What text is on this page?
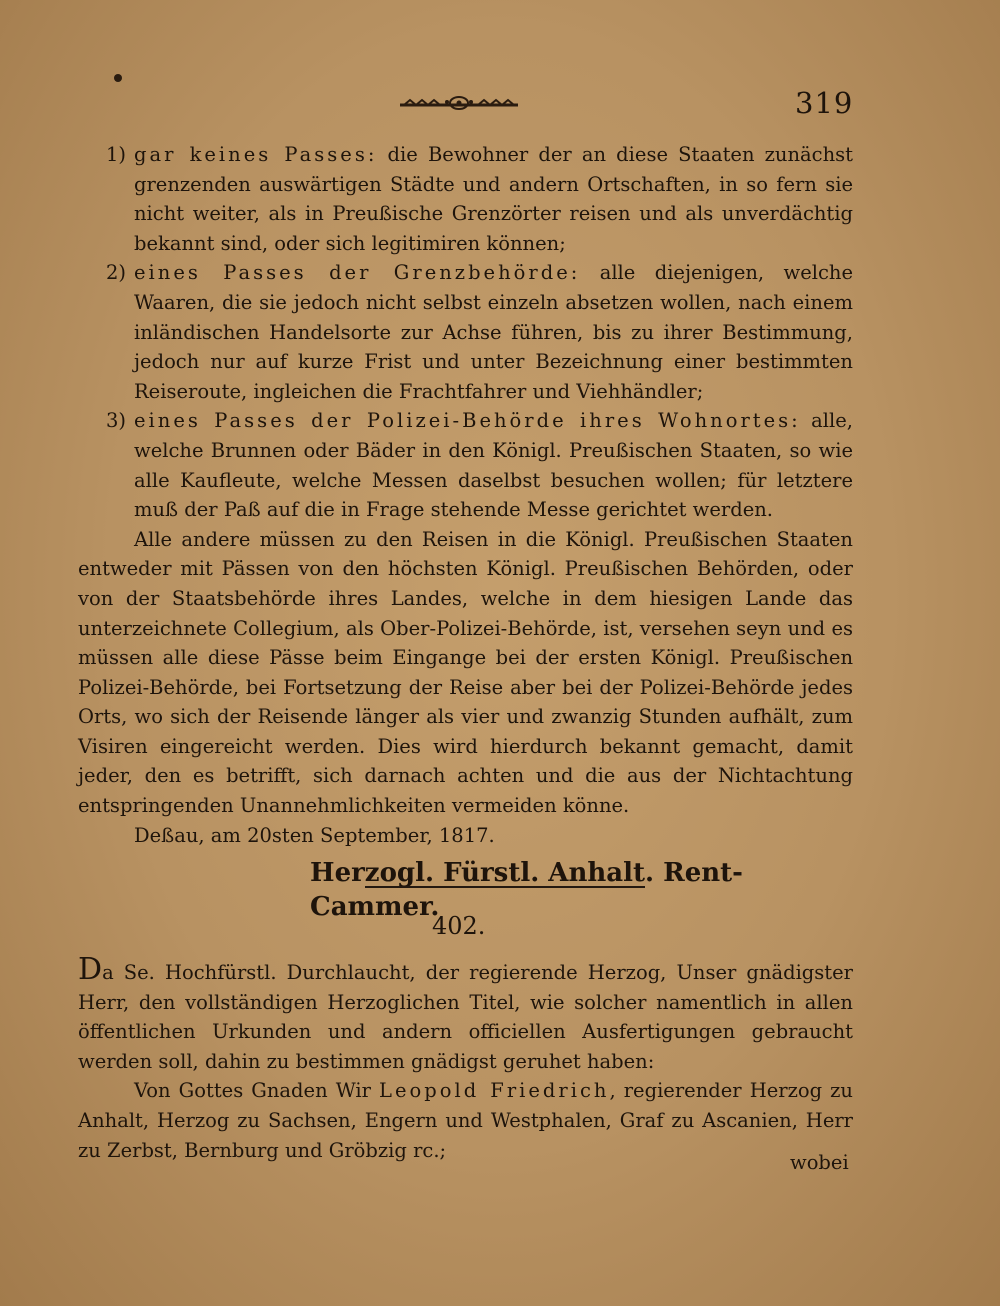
319

1) gar keines Passes: die Bewohner der an diese Staaten zunächst grenzenden auswärtigen Städte und andern Ortschaften, in so fern sie nicht weiter, als in Preußische Grenzörter reisen und als unverdächtig bekannt sind, oder sich legitimiren können;

2) eines Passes der Grenzbehörde: alle diejenigen, welche Waaren, die sie jedoch nicht selbst einzeln absetzen wollen, nach einem inländischen Handelsorte zur Achse führen, bis zu ihrer Bestimmung, jedoch nur auf kurze Frist und unter Bezeichnung einer bestimmten Reiseroute, ingleichen die Frachtfahrer und Viehhändler;

3) eines Passes der Polizei-Behörde ihres Wohnortes: alle, welche Brunnen oder Bäder in den Königl. Preußischen Staaten, so wie alle Kaufleute, welche Messen daselbst besuchen wollen; für letztere muß der Paß auf die in Frage stehende Messe gerichtet werden.

Alle andere müssen zu den Reisen in die Königl. Preußischen Staaten entweder mit Pässen von den höchsten Königl. Preußischen Behörden, oder von der Staatsbehörde ihres Landes, welche in dem hiesigen Lande das unterzeichnete Collegium, als Ober-Polizei-Behörde, ist, versehen seyn und es müssen alle diese Pässe beim Eingange bei der ersten Königl. Preußischen Polizei-Behörde, bei Fortsetzung der Reise aber bei der Polizei-Behörde jedes Orts, wo sich der Reisende länger als vier und zwanzig Stunden aufhält, zum Visiren eingereicht werden. Dies wird hierdurch bekannt gemacht, damit jeder, den es betrifft, sich darnach achten und die aus der Nichtachtung entspringenden Unannehmlichkeiten vermeiden könne.

Deßau, am 20sten September, 1817.

Herzogl. Fürstl. Anhalt. Rent-Cammer.

402.

Da Se. Hochfürstl. Durchlaucht, der regierende Herzog, Unser gnädigster Herr, den vollständigen Herzoglichen Titel, wie solcher namentlich in allen öffentlichen Urkunden und andern officiellen Ausfertigungen gebraucht werden soll, dahin zu bestimmen gnädigst geruhet haben:

Von Gottes Gnaden Wir Leopold Friedrich, regierender Herzog zu Anhalt, Herzog zu Sachsen, Engern und Westphalen, Graf zu Ascanien, Herr zu Zerbst, Bernburg und Gröbzig rc.;

wobei
